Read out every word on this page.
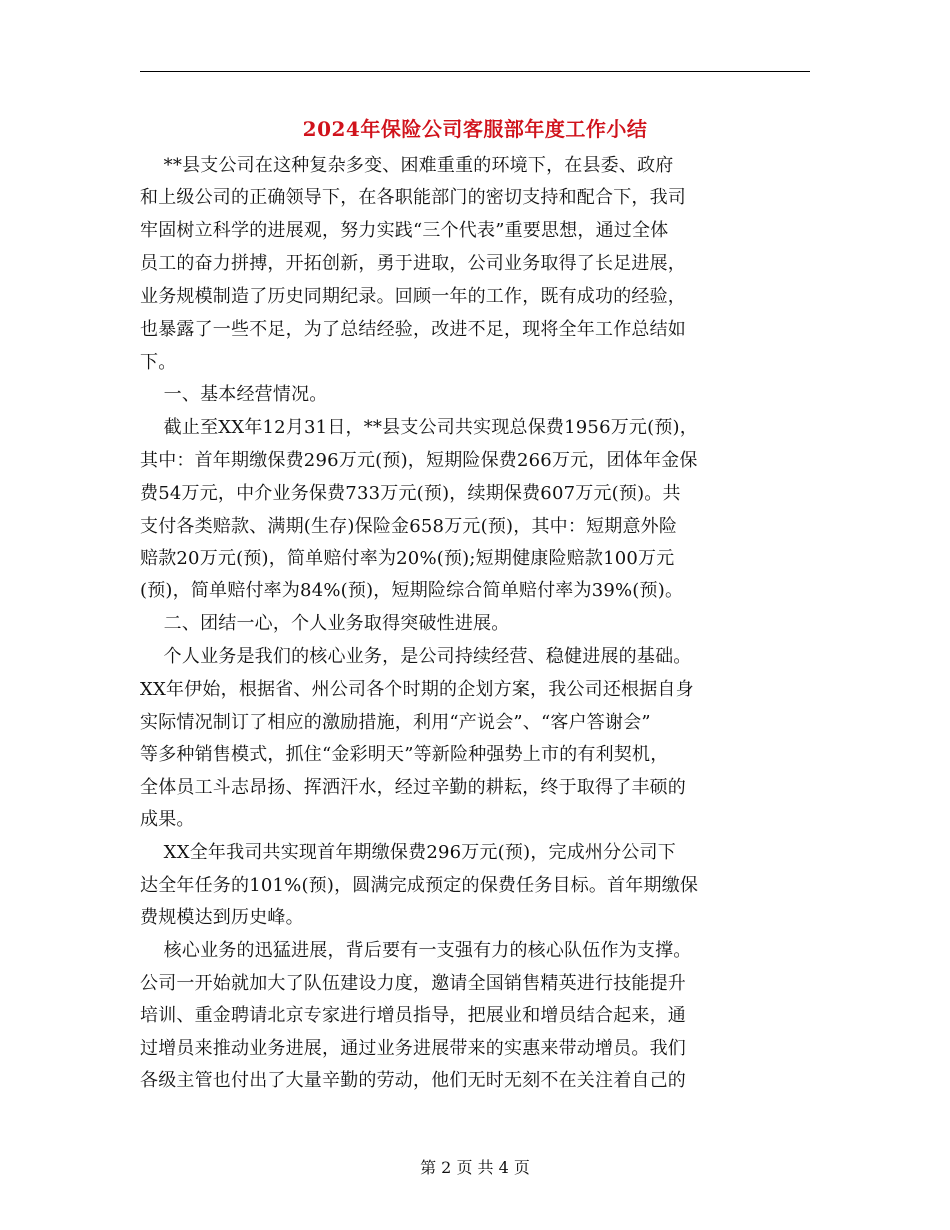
2024年保险公司客服部年度工作小结
**县支公司在这种复杂多变、困难重重的环境下，在县委、政府
和上级公司的正确领导下，在各职能部门的密切支持和配合下，我司
牢固树立科学的进展观，努力实践“三个代表”重要思想，通过全体
员工的奋力拼搏，开拓创新，勇于进取，公司业务取得了长足进展，
业务规模制造了历史同期纪录。回顾一年的工作，既有成功的经验，
也暴露了一些不足，为了总结经验，改进不足，现将全年工作总结如
下。
一、基本经营情况。
截止至XX年12月31日，**县支公司共实现总保费1956万元(预)，
其中：首年期缴保费296万元(预)，短期险保费266万元，团体年金保
费54万元，中介业务保费733万元(预)，续期保费607万元(预)。共
支付各类赔款、满期(生存)保险金658万元(预)，其中：短期意外险
赔款20万元(预)，简单赔付率为20%(预);短期健康险赔款100万元
(预)，简单赔付率为84%(预)，短期险综合简单赔付率为39%(预)。
二、团结一心，个人业务取得突破性进展。
个人业务是我们的核心业务，是公司持续经营、稳健进展的基础。
XX年伊始，根据省、州公司各个时期的企划方案，我公司还根据自身
实际情况制订了相应的激励措施，利用“产说会”、“客户答谢会”
等多种销售模式，抓住“金彩明天”等新险种强势上市的有利契机，
全体员工斗志昂扬、挥洒汗水，经过辛勤的耕耘，终于取得了丰硕的
成果。
XX全年我司共实现首年期缴保费296万元(预)，完成州分公司下
达全年任务的101%(预)，圆满完成预定的保费任务目标。首年期缴保
费规模达到历史峰。
核心业务的迅猛进展，背后要有一支强有力的核心队伍作为支撑。
公司一开始就加大了队伍建设力度，邀请全国销售精英进行技能提升
培训、重金聘请北京专家进行增员指导，把展业和增员结合起来，通
过增员来推动业务进展，通过业务进展带来的实惠来带动增员。我们
各级主管也付出了大量辛勤的劳动，他们无时无刻不在关注着自己的
第 2 页 共 4 页
